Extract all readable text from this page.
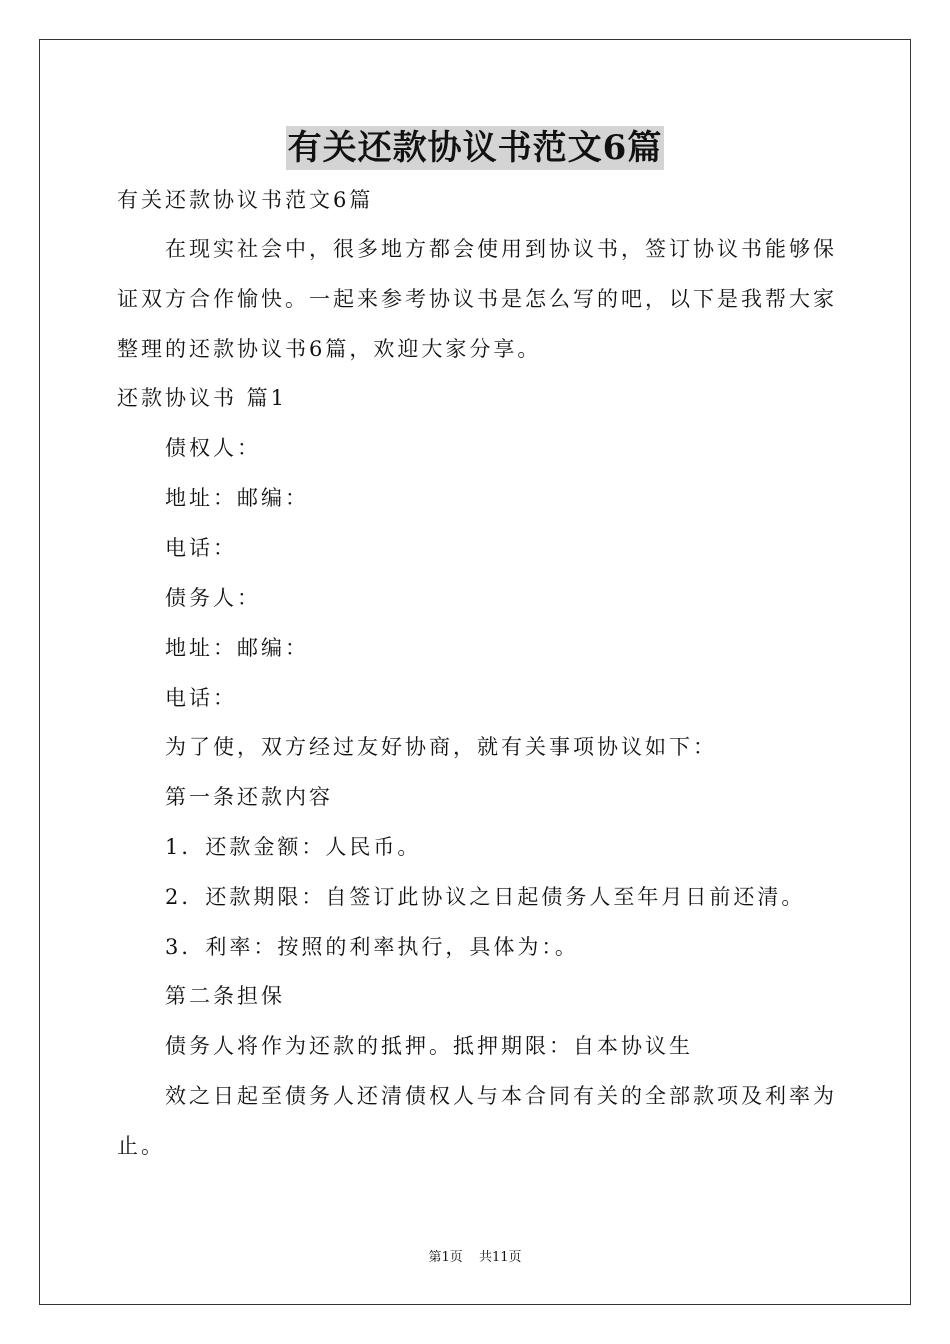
有关还款协议书范文6篇
有关还款协议书范文6篇
在现实社会中，很多地方都会使用到协议书，签订协议书能够保
证双方合作愉快。一起来参考协议书是怎么写的吧，以下是我帮大家
整理的还款协议书6篇，欢迎大家分享。
还款协议书 篇1
债权人：
地址：邮编：
电话：
债务人：
地址：邮编：
电话：
为了使，双方经过友好协商，就有关事项协议如下：
第一条还款内容
1．还款金额：人民币。
2．还款期限：自签订此协议之日起债务人至年月日前还清。
3．利率：按照的利率执行，具体为：。
第二条担保
债务人将作为还款的抵押。抵押期限：自本协议生
效之日起至债务人还清债权人与本合同有关的全部款项及利率为
止。
第1页 共11页
